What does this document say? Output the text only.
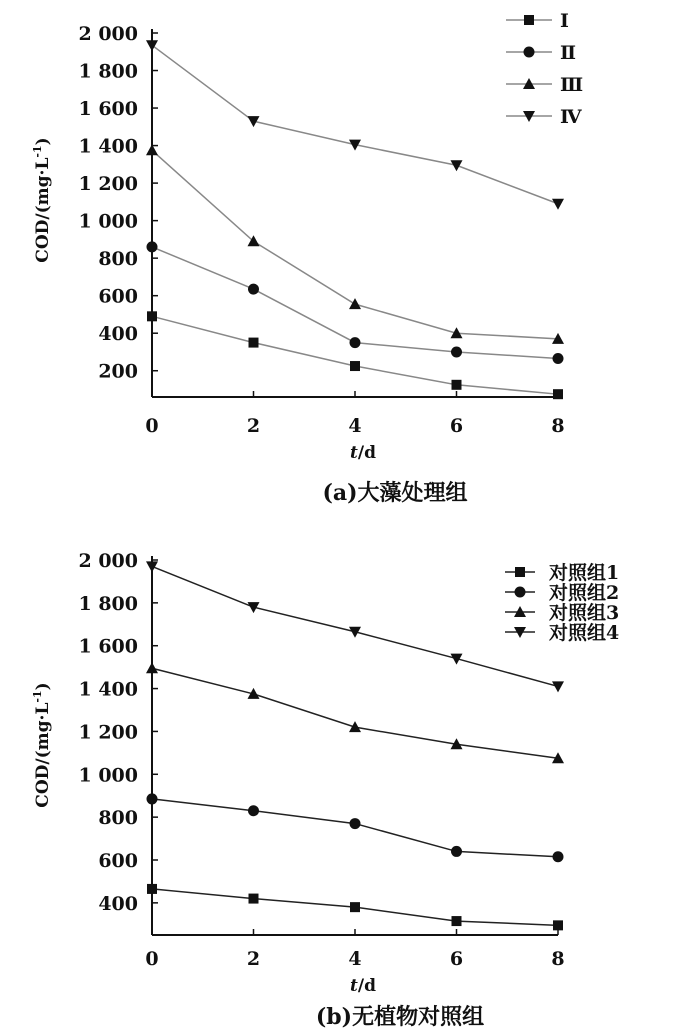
200
400
600
800
1 000
1 200
1 400
1 600
1 800
2 000
0	2	4	6	8
t/d
COD/$(mg\cdot L^{-1})$
(a)大藻处理组
Ⅰ
Ⅱ
Ⅲ
Ⅳ
400
600
800
1 000
1 200
1 400
1 600
1 800
2 000
0	2	4	6	8
t/d
COD/$(mg\cdot L^{-1})$
(b)无植物对照组
对照组1
对照组2
对照组3
对照组4
